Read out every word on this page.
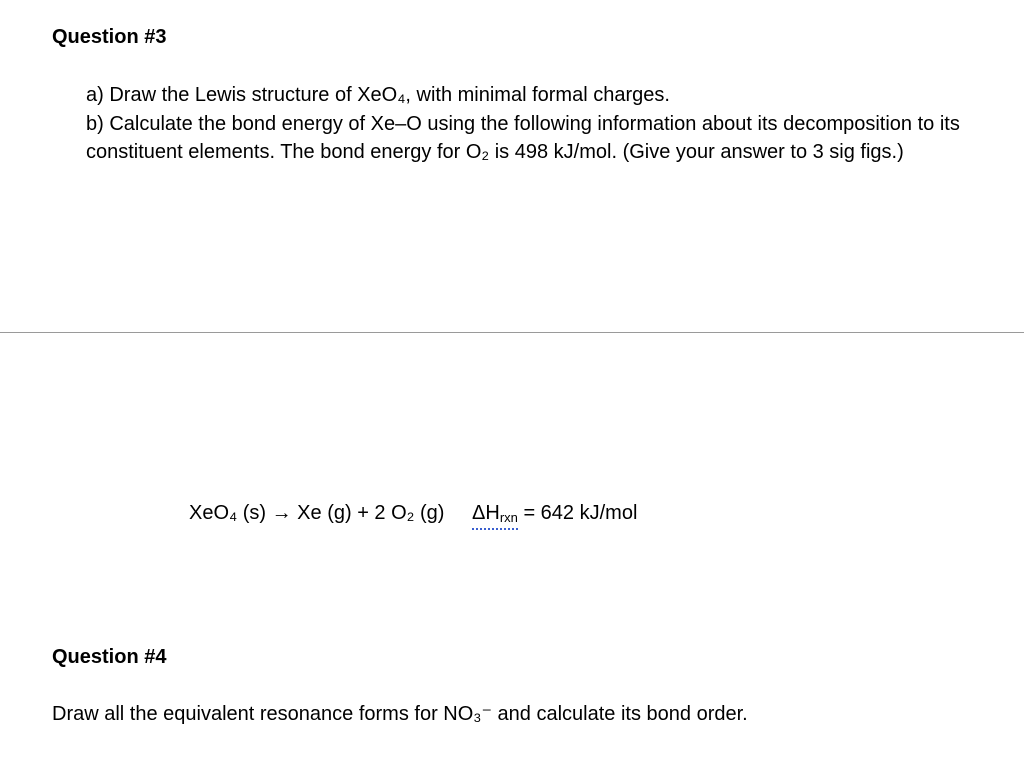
Question #3

a) Draw the Lewis structure of XeO₄, with minimal formal charges.

b) Calculate the bond energy of Xe–O using the following information about its decomposition to its constituent elements. The bond energy for O₂ is 498 kJ/mol. (Give your answer to 3 sig figs.)

XeO₄ (s) → Xe (g) + 2 O₂ (g) ΔHrxn = 642 kJ/mol
Question #4

Draw all the equivalent resonance forms for NO₃⁻ and calculate its bond order.
